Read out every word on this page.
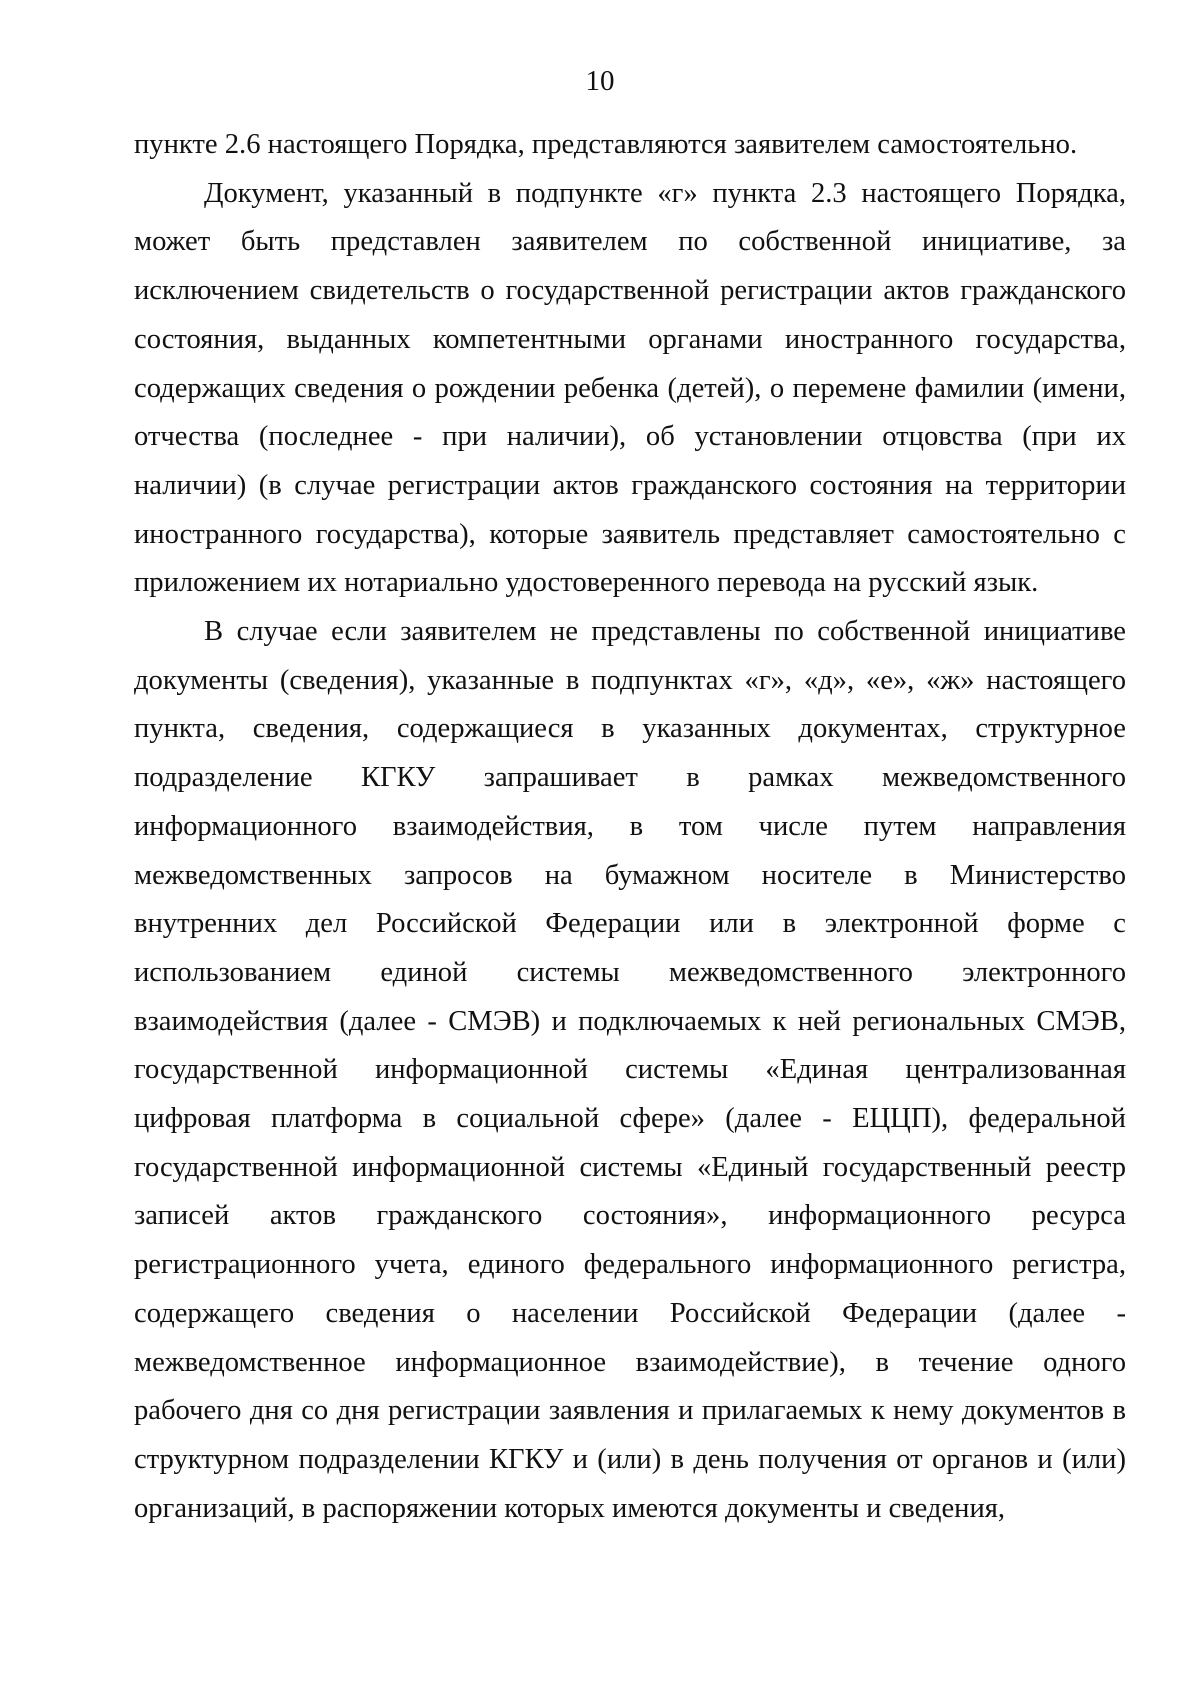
10

пункте 2.6 настоящего Порядка, представляются заявителем самостоятельно.

Документ, указанный в подпункте «г» пункта 2.3 настоящего Порядка, может быть представлен заявителем по собственной инициативе, за исключением свидетельств о государственной регистрации актов гражданского состояния, выданных компетентными органами иностранного государства, содержащих сведения о рождении ребенка (детей), о перемене фамилии (имени, отчества (последнее - при наличии), об установлении отцовства (при их наличии) (в случае регистрации актов гражданского состояния на территории иностранного государства), которые заявитель представляет самостоятельно с приложением их нотариально удостоверенного перевода на русский язык.

В случае если заявителем не представлены по собственной инициативе документы (сведения), указанные в подпунктах «г», «д», «е», «ж» настоящего пункта, сведения, содержащиеся в указанных документах, структурное подразделение КГКУ запрашивает в рамках межведомственного информационного взаимодействия, в том числе путем направления межведомственных запросов на бумажном носителе в Министерство внутренних дел Российской Федерации или в электронной форме с использованием единой системы межведомственного электронного взаимодействия (далее - СМЭВ) и подключаемых к ней региональных СМЭВ, государственной информационной системы «Единая централизованная цифровая платформа в социальной сфере» (далее - ЕЦЦП), федеральной государственной информационной системы «Единый государственный реестр записей актов гражданского состояния», информационного ресурса регистрационного учета, единого федерального информационного регистра, содержащего сведения о населении Российской Федерации (далее - межведомственное информационное взаимодействие), в течение одного рабочего дня со дня регистрации заявления и прилагаемых к нему документов в структурном подразделении КГКУ и (или) в день получения от органов и (или) организаций, в распоряжении которых имеются документы и сведения,
